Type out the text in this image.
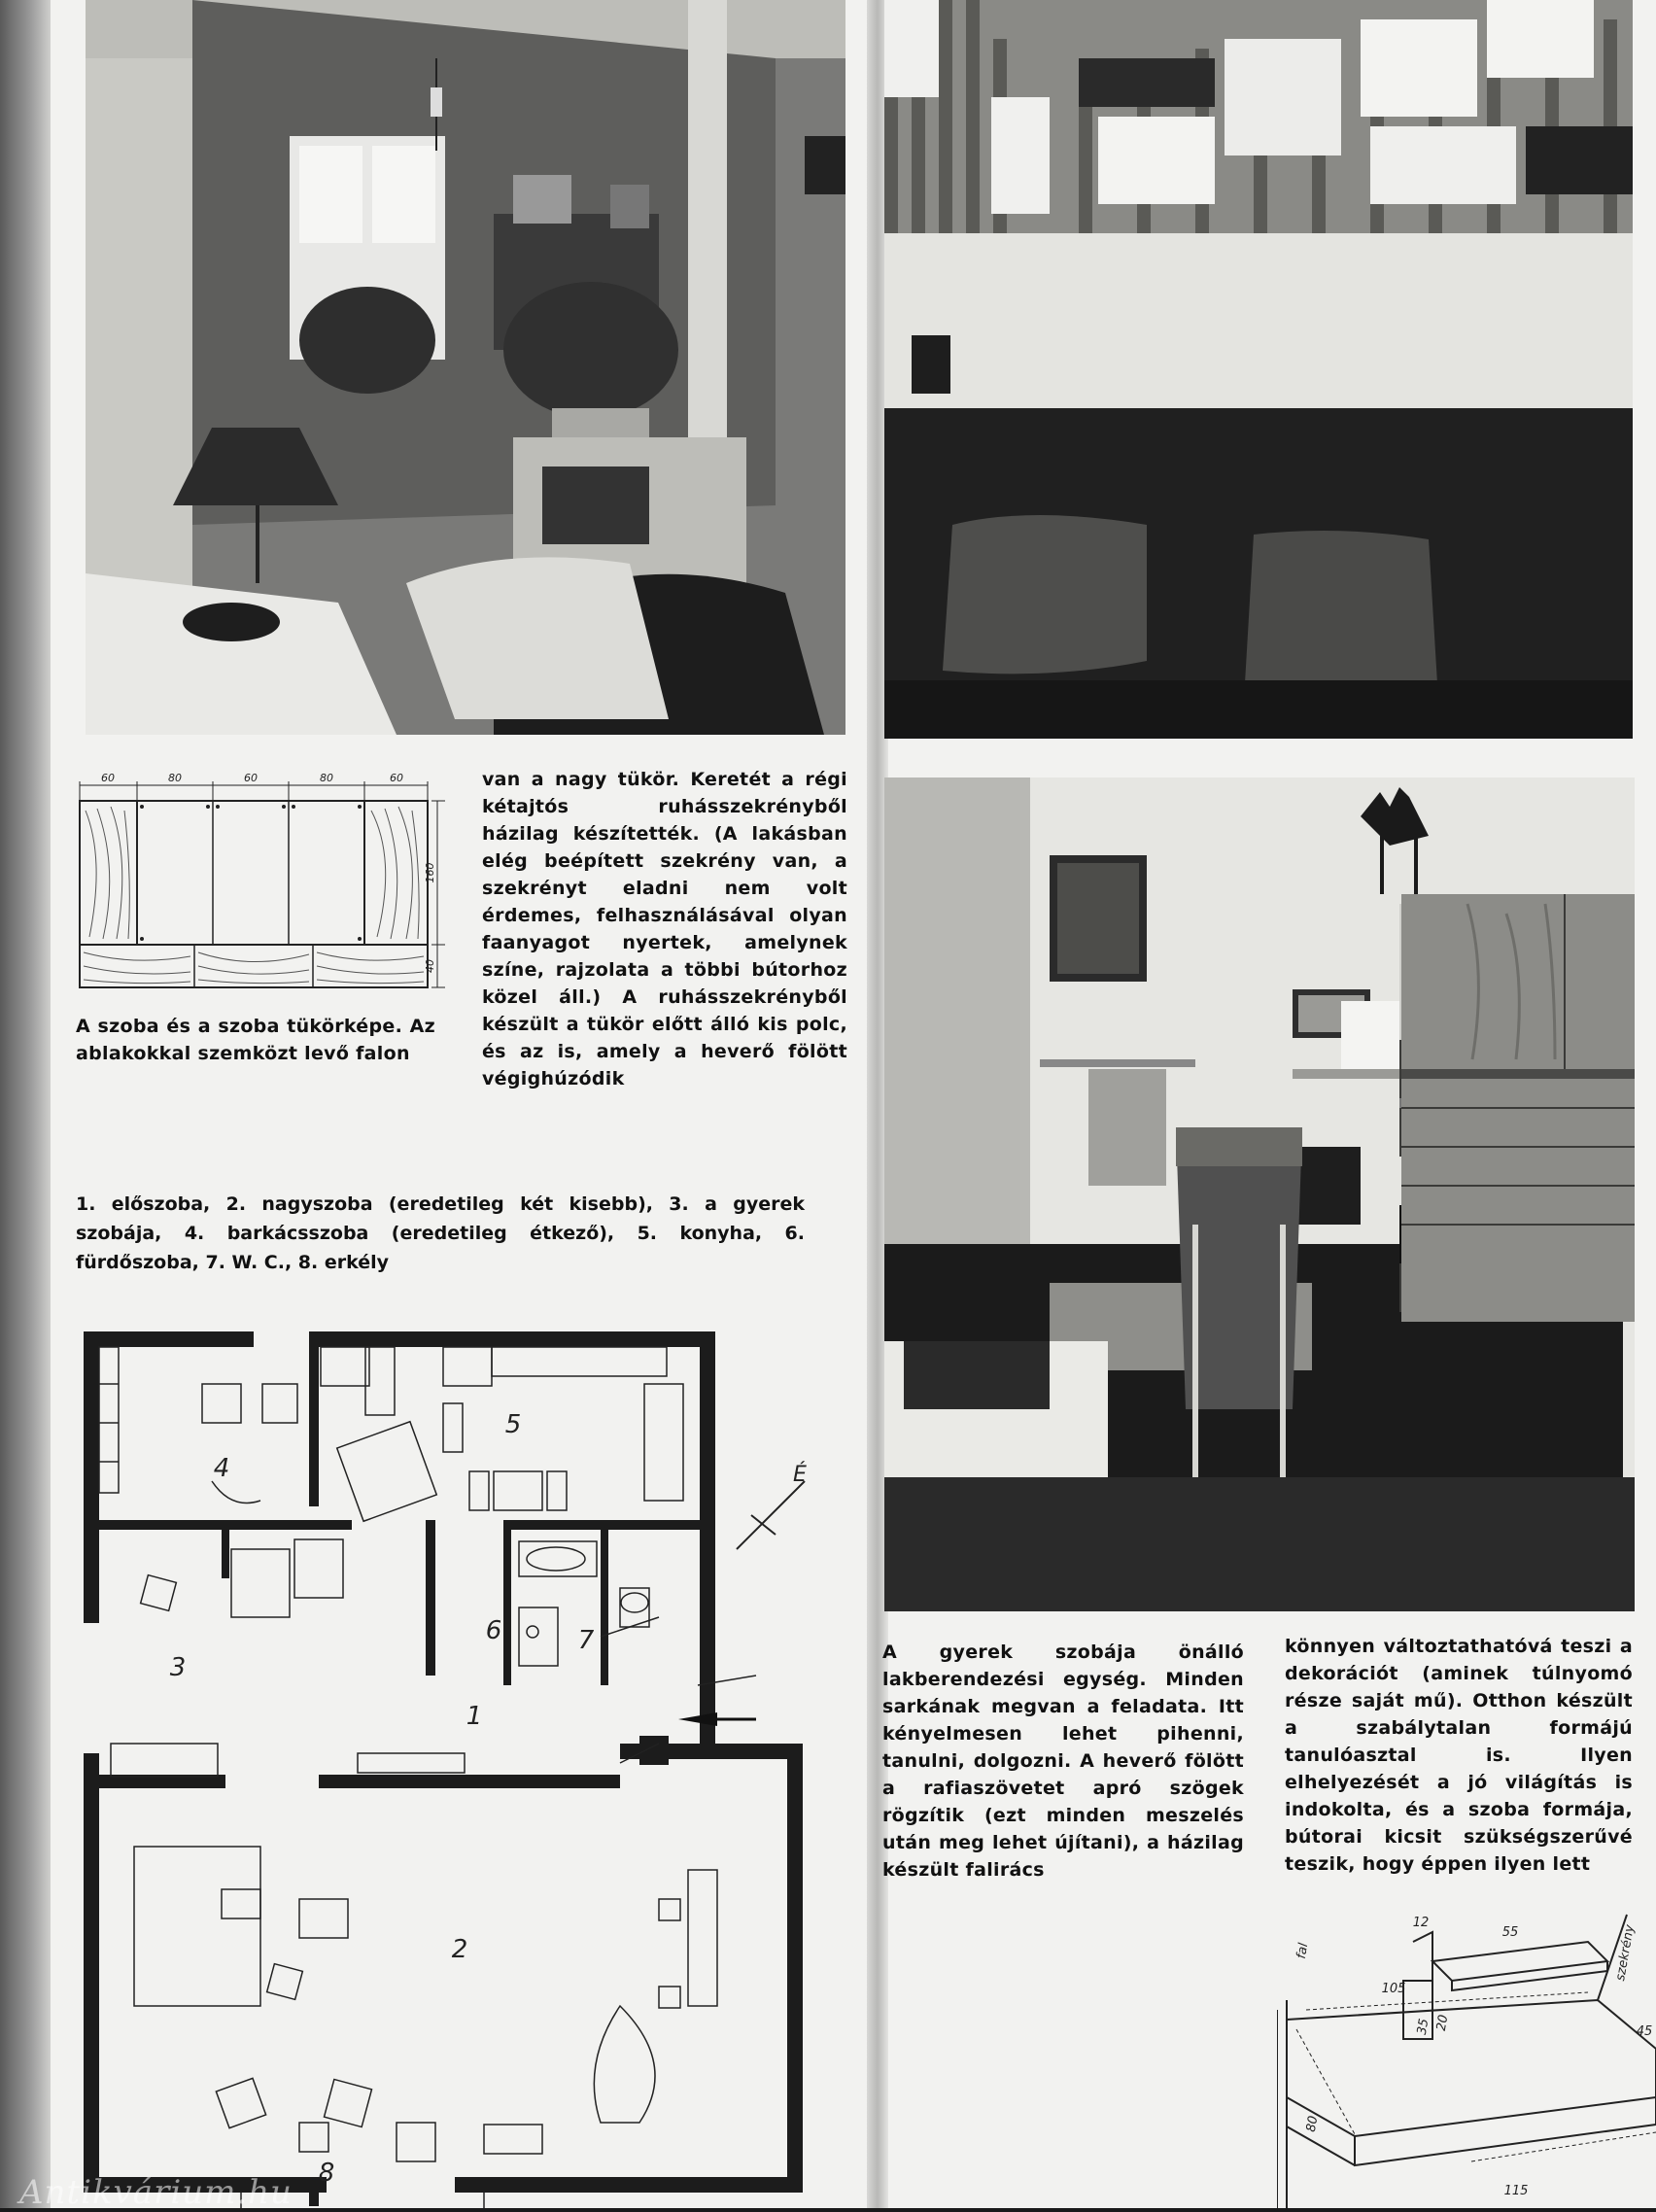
60	80	60	80	60
160
40
A szoba és a szoba tükörképe. Az ablakokkal szemközt levő falon
van a nagy tükör. Keretét a régi kétajtós ruhásszekrényből házilag készítették. (A lakásban elég beépített szekrény van, a szekrényt eladni nem volt érdemes, felhasználásával olyan faanyagot nyertek, amelynek színe, rajzolata a többi bútorhoz közel áll.) A ruhásszekrényből készült a tükör előtt álló kis polc, és az is, amely a heverő fölött végighúzódik
1. előszoba, 2. nagyszoba (eredetileg két kisebb), 3. a gyerek szobája, 4. barkácsszoba (eredetileg étkező), 5. konyha, 6. fürdőszoba, 7. W. C., 8. erkély
1
2
3
4
5
6	7
8
É
A gyerek szobája önálló lakberendezési egység. Minden sarkának megvan a feladata. Itt kényelmesen lehet pihenni, tanulni, dolgozni. A heverő fölött a rafiaszövetet apró szögek rögzítik (ezt minden meszelés után meg lehet újítani), a házilag készült falirács
könnyen változtathatóvá teszi a dekorációt (aminek túlnyomó része saját mű). Otthon készült a szabálytalan formájú tanulóasztal is. Ilyen elhelyezését a jó világítás is indokolta, és a szoba formája, bútorai kicsit szükségszerűvé teszik, hogy éppen ilyen lett
fal	szekrény
12
55
105
35 20	45
80
115
Antikvárium.hu
